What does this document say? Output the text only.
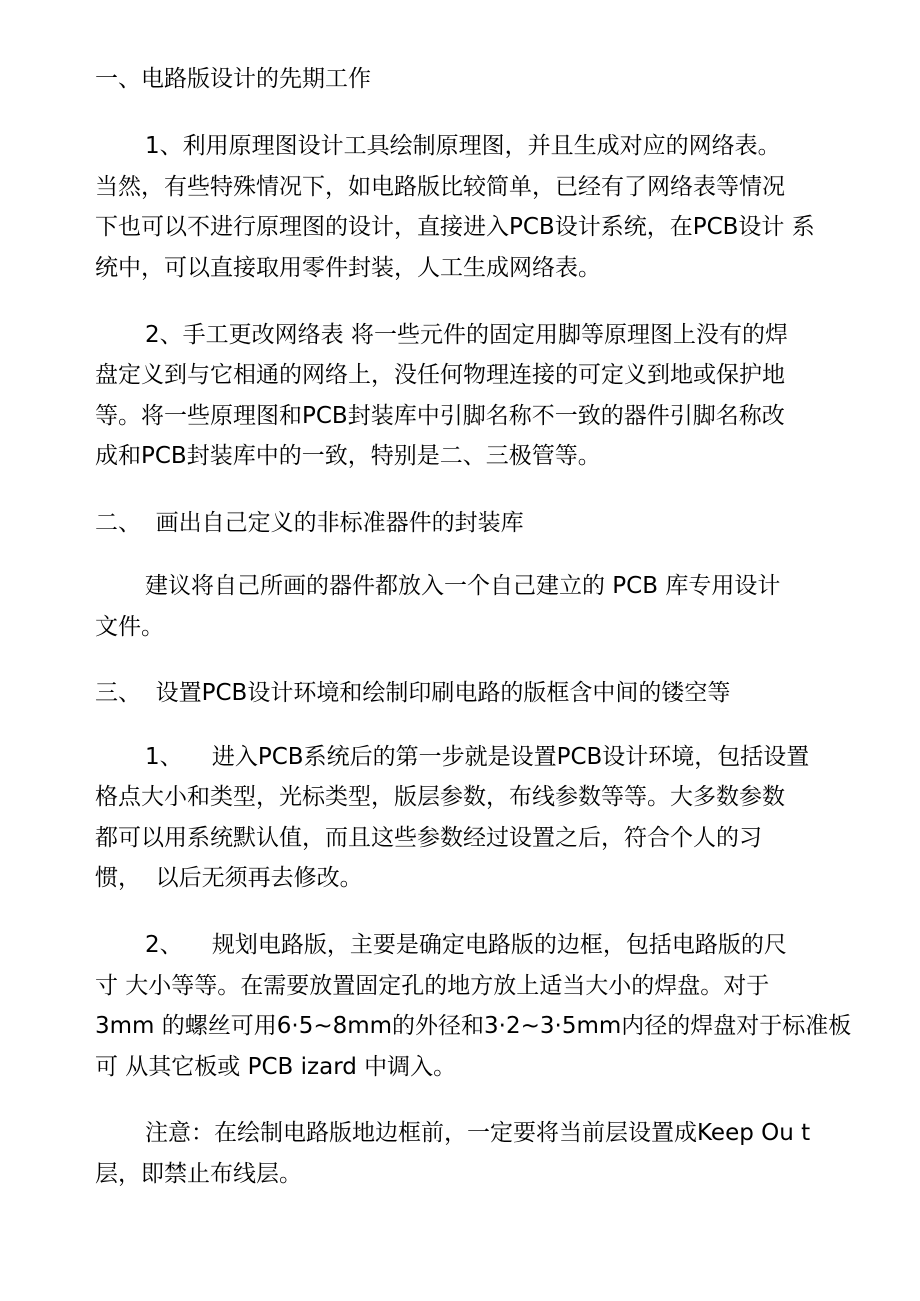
一、电路版设计的先期工作
1、利用原理图设计工具绘制原理图，并且生成对应的网络表。
当然，有些特殊情况下，如电路版比较简单，已经有了网络表等情况
下也可以不进行原理图的设计，直接进入PCB设计系统，在PCB设计 系
统中，可以直接取用零件封装，人工生成网络表。
2、手工更改网络表 将一些元件的固定用脚等原理图上没有的焊
盘定义到与它相通的网络上，没任何物理连接的可定义到地或保护地
等。将一些原理图和PCB封装库中引脚名称不一致的器件引脚名称改
成和PCB封装库中的一致，特别是二、三极管等。
二、  画出自己定义的非标准器件的封装库
建议将自己所画的器件都放入一个自己建立的 PCB 库专用设计
文件。
三、  设置PCB设计环境和绘制印刷电路的版框含中间的镂空等
1、    进入PCB系统后的第一步就是设置PCB设计环境，包括设置
格点大小和类型，光标类型，版层参数，布线参数等等。大多数参数
都可以用系统默认值，而且这些参数经过设置之后，符合个人的习
惯，  以后无须再去修改。
2、    规划电路版，主要是确定电路版的边框，包括电路版的尺
寸 大小等等。在需要放置固定孔的地方放上适当大小的焊盘。对于
3mm 的螺丝可用6·5~8mm的外径和3·2~3·5mm内径的焊盘对于标准板
可 从其它板或 PCB izard 中调入。
注意：在绘制电路版地边框前，一定要将当前层设置成Keep Ou t
层，即禁止布线层。
